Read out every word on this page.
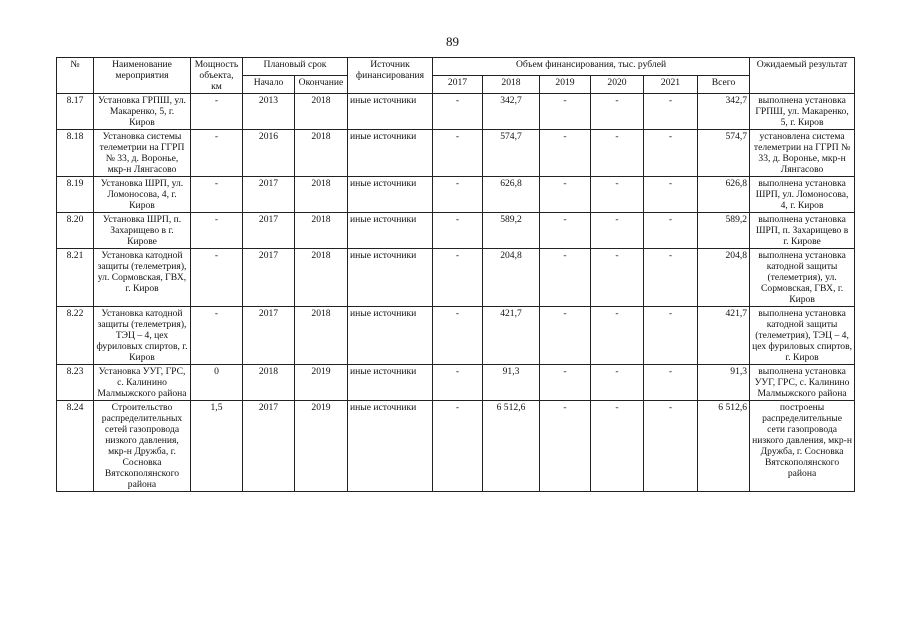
89
№	Наименование мероприятия	Мощность объекта, км	Плановый срок		Источник финансирования	Объем финансирования, тыс. рублей						Ожидаемый результат
			Начало	Окончание		2017	2018	2019	2020	2021	Всего	
8.17	Установка ГРПШ, ул. Макаренко, 5, г. Киров	-	2013	2018	иные источники	-	342,7	-	-	-	342,7	выполнена установка ГРПШ, ул. Макаренко, 5, г. Киров
8.18	Установка системы телеметрии на ГГРП № 33, д. Воронье, мкр-н Лянгасово	-	2016	2018	иные источники	-	574,7	-	-	-	574,7	установлена система телеметрии на ГГРП № 33, д. Воронье, мкр-н Лянгасово
8.19	Установка ШРП, ул. Ломоносова, 4, г. Киров	-	2017	2018	иные источники	-	626,8	-	-	-	626,8	выполнена установка ШРП, ул. Ломоносова, 4, г. Киров
8.20	Установка ШРП, п. Захарищево в г. Кирове	-	2017	2018	иные источники	-	589,2	-	-	-	589,2	выполнена установка ШРП, п. Захарищево в г. Кирове
8.21	Установка катодной защиты (телеметрия), ул. Сормовская, ГВХ, г. Киров	-	2017	2018	иные источники	-	204,8	-	-	-	204,8	выполнена установка катодной защиты (телеметрия), ул. Сормовская, ГВХ, г. Киров
8.22	Установка катодной защиты (телеметрия), ТЭЦ – 4, цех фуриловых спиртов, г. Киров	-	2017	2018	иные источники	-	421,7	-	-	-	421,7	выполнена установка катодной защиты (телеметрия), ТЭЦ – 4, цех фуриловых спиртов, г. Киров
8.23	Установка УУГ, ГРС, с. Калинино Малмыжского района	0	2018	2019	иные источники	-	91,3	-	-	-	91,3	выполнена установка УУГ, ГРС, с. Калинино Малмыжского района
8.24	Строительство распределительных сетей газопровода низкого давления, мкр-н Дружба, г. Сосновка Вятскополянского района	1,5	2017	2019	иные источники	-	6 512,6	-	-	-	6 512,6	построены распределительные сети газопровода низкого давления, мкр-н Дружба, г. Сосновка Вятскополянского района
